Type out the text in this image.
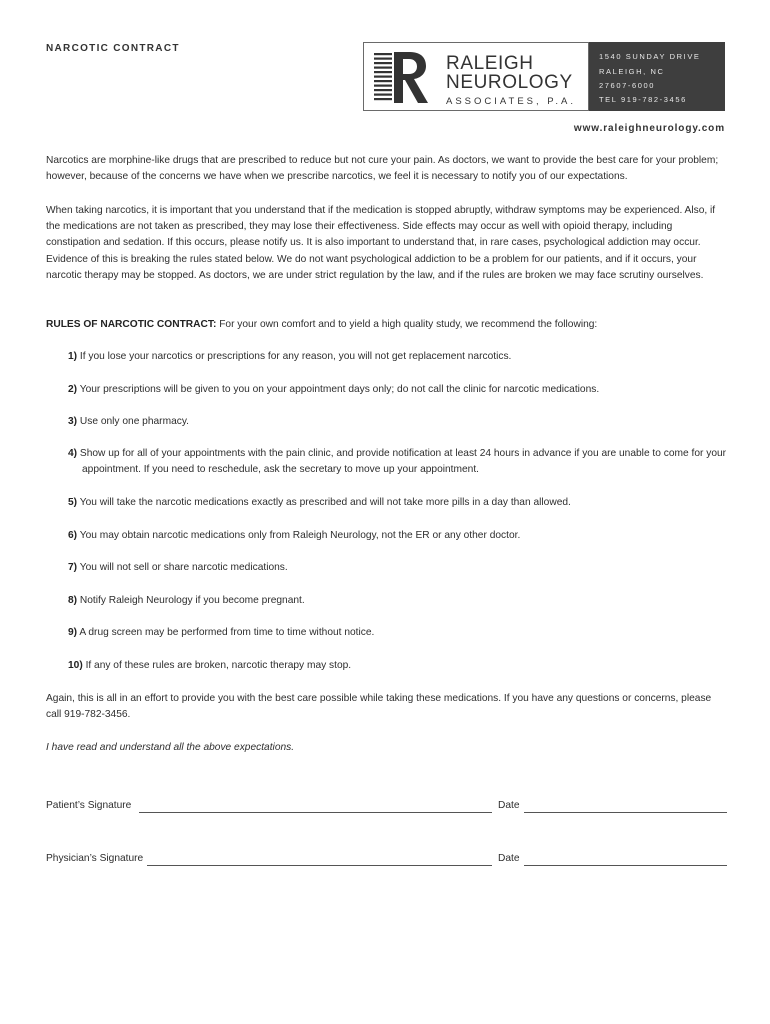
NARCOTIC CONTRACT
RALEIGH
NEUROLOGY
ASSOCIATES, P.A.
1540 SUNDAY DRIVE
RALEIGH, NC
27607-6000
TEL 919-782-3456
www.raleighneurology.com

Narcotics are morphine-like drugs that are prescribed to reduce but not cure your pain. As doctors, we want to provide the best care for your problem; however, because of the concerns we have when we prescribe narcotics, we feel it is necessary to notify you of our expectations.

When taking narcotics, it is important that you understand that if the medication is stopped abruptly, withdraw symptoms may be experienced. Also, if the medications are not taken as prescribed, they may lose their effectiveness. Side effects may occur as well with opioid therapy, including constipation and sedation. If this occurs, please notify us. It is also important to understand that, in rare cases, psychological addiction may occur. Evidence of this is breaking the rules stated below. We do not want psychological addiction to be a problem for our patients, and if it occurs, your narcotic therapy may be stopped. As doctors, we are under strict regulation by the law, and if the rules are broken we may face scrutiny ourselves.

RULES OF NARCOTIC CONTRACT: For your own comfort and to yield a high quality study, we recommend the following:

1) If you lose your narcotics or prescriptions for any reason, you will not get replacement narcotics.

2) Your prescriptions will be given to you on your appointment days only; do not call the clinic for narcotic medications.

3) Use only one pharmacy.

4) Show up for all of your appointments with the pain clinic, and provide notification at least 24 hours in advance if you are unable to come for your appointment. If you need to reschedule, ask the secretary to move up your appointment.

5) You will take the narcotic medications exactly as prescribed and will not take more pills in a day than allowed.

6) You may obtain narcotic medications only from Raleigh Neurology, not the ER or any other doctor.

7) You will not sell or share narcotic medications.

8) Notify Raleigh Neurology if you become pregnant.

9) A drug screen may be performed from time to time without notice.

10) If any of these rules are broken, narcotic therapy may stop.

Again, this is all in an effort to provide you with the best care possible while taking these medications. If you have any questions or concerns, please call 919-782-3456.

I have read and understand all the above expectations.

Patient’s Signature	Date
Physician’s Signature	Date
